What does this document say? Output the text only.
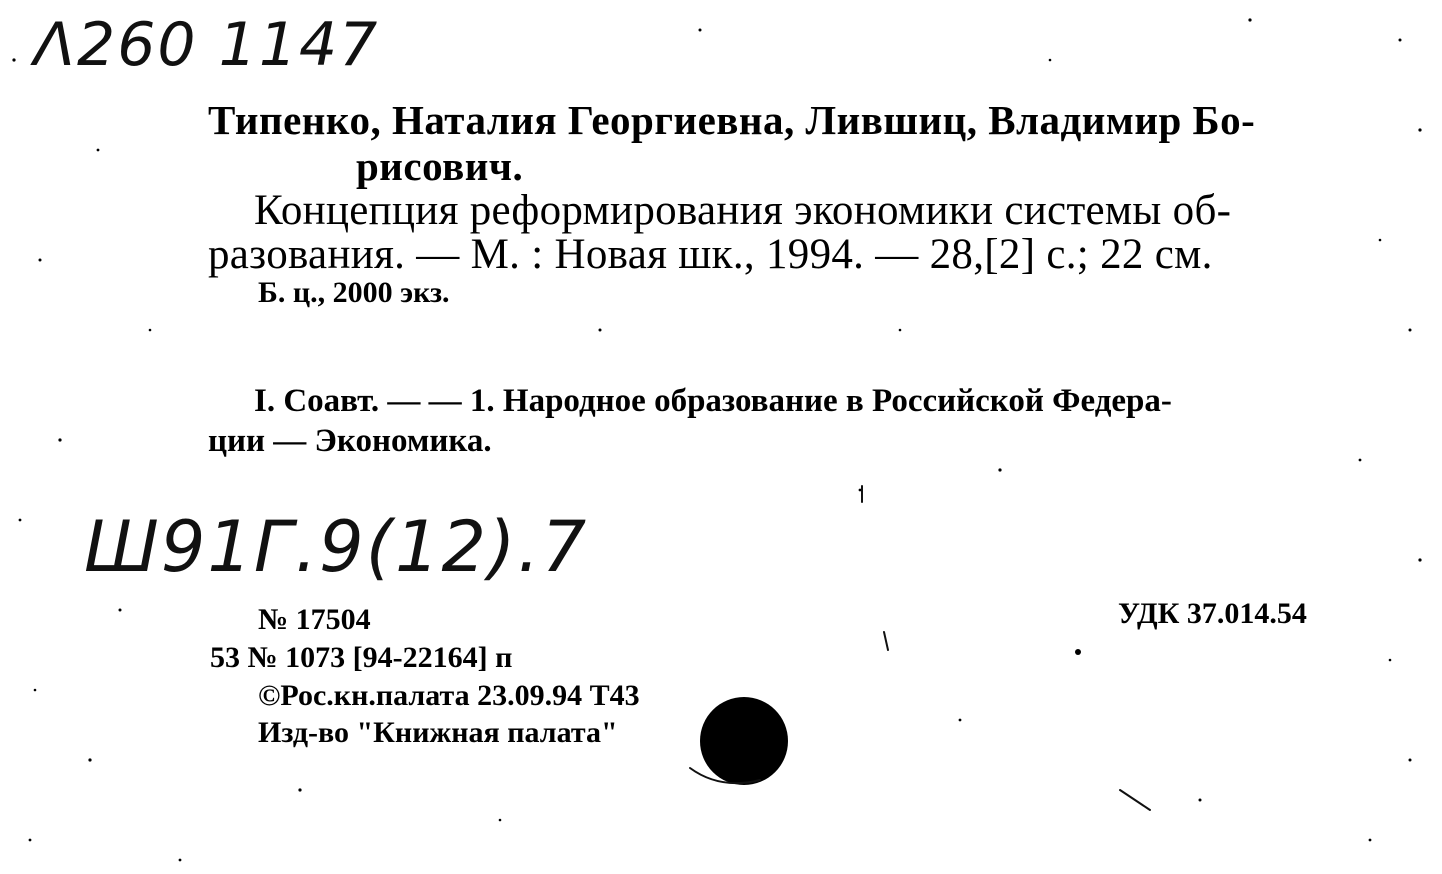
Λ260 1147
Типенко, Наталия Георгиевна, Лившиц, Владимир Бо-
рисович.
Концепция реформирования экономики системы об-
разования. — М. : Новая шк., 1994. — 28,[2] с.; 22 см.
Б. ц., 2000 экз.
I. Соавт. — — 1. Народное образование в Российской Федера-
ции — Экономика.
Ш91Г.9(12).7
№ 17504
53 № 1073 [94-22164] п
©Рос.кн.палата 23.09.94 Т43
Изд-во "Книжная палата"
УДК 37.014.54
